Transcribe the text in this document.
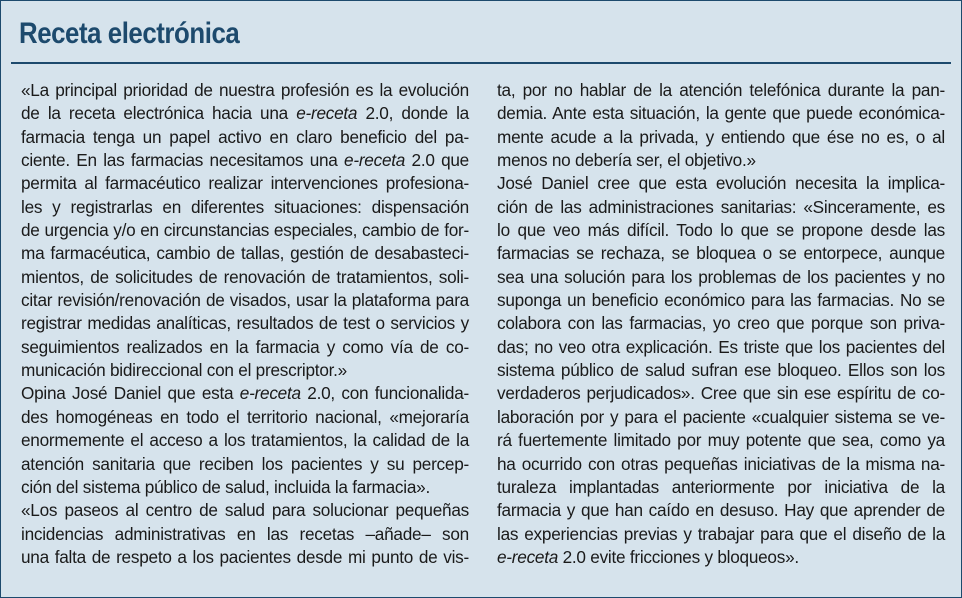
Receta electrónica
«La principal prioridad de nuestra profesión es la evolución
de la receta electrónica hacia una e-receta 2.0, donde la
farmacia tenga un papel activo en claro beneficio del pa-
ciente. En las farmacias necesitamos una e-receta 2.0 que
permita al farmacéutico realizar intervenciones profesiona-
les y registrarlas en diferentes situaciones: dispensación
de urgencia y/o en circunstancias especiales, cambio de for-
ma farmacéutica, cambio de tallas, gestión de desabasteci-
mientos, de solicitudes de renovación de tratamientos, soli-
citar revisión/renovación de visados, usar la plataforma para
registrar medidas analíticas, resultados de test o servicios y
seguimientos realizados en la farmacia y como vía de co-
municación bidireccional con el prescriptor.»
Opina José Daniel que esta e-receta 2.0, con funcionalida-
des homogéneas en todo el territorio nacional, «mejoraría
enormemente el acceso a los tratamientos, la calidad de la
atención sanitaria que reciben los pacientes y su percep-
ción del sistema público de salud, incluida la farmacia».
«Los paseos al centro de salud para solucionar pequeñas
incidencias administrativas en las recetas –añade– son
una falta de respeto a los pacientes desde mi punto de vis-
ta, por no hablar de la atención telefónica durante la pan-
demia. Ante esta situación, la gente que puede económica-
mente acude a la privada, y entiendo que ése no es, o al
menos no debería ser, el objetivo.»
José Daniel cree que esta evolución necesita la implica-
ción de las administraciones sanitarias: «Sinceramente, es
lo que veo más difícil. Todo lo que se propone desde las
farmacias se rechaza, se bloquea o se entorpece, aunque
sea una solución para los problemas de los pacientes y no
suponga un beneficio económico para las farmacias. No se
colabora con las farmacias, yo creo que porque son priva-
das; no veo otra explicación. Es triste que los pacientes del
sistema público de salud sufran ese bloqueo. Ellos son los
verdaderos perjudicados». Cree que sin ese espíritu de co-
laboración por y para el paciente «cualquier sistema se ve-
rá fuertemente limitado por muy potente que sea, como ya
ha ocurrido con otras pequeñas iniciativas de la misma na-
turaleza implantadas anteriormente por iniciativa de la
farmacia y que han caído en desuso. Hay que aprender de
las experiencias previas y trabajar para que el diseño de la
e-receta 2.0 evite fricciones y bloqueos».
